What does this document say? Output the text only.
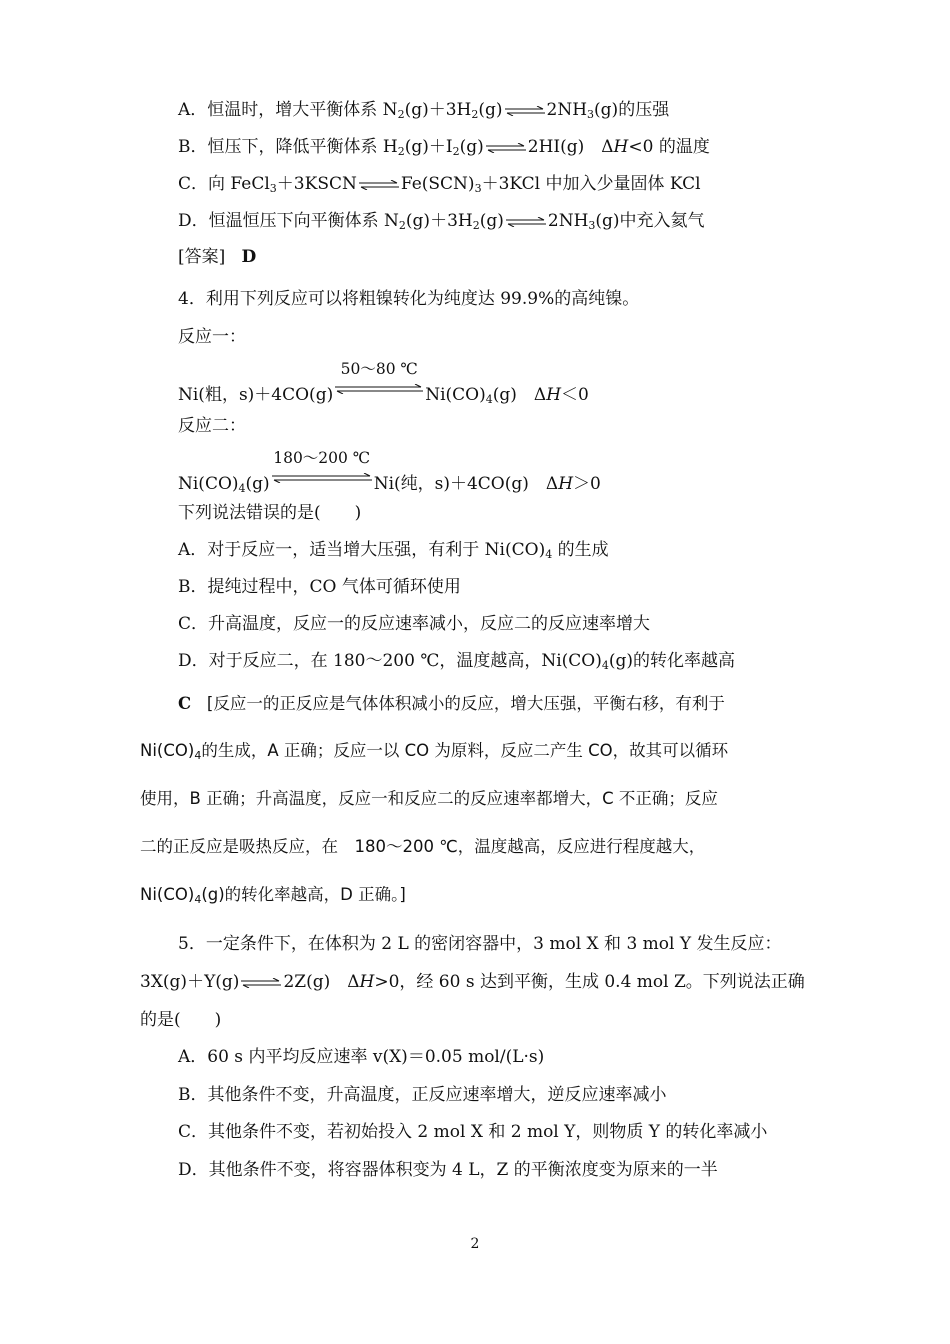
A．恒温时，增大平衡体系 $N_2(g)+3H_2(g)$ ⇌ $2NH_3(g)$的压强
B．恒压下，降低平衡体系 $H_2(g)+I_2(g)$ ⇌ 2HI(g)　ΔH<0 的温度
C．向 FeCl$_3$＋3KSCN ⇌ $Fe(SCN)_3+3KCl$ 中加入少量固体 KCl
D．恒温恒压下向平衡体系 $N_2(g)+3H_2(g)$ ⇌ $2NH_3(g)$中充入氦气
[答案] D
4．利用下列反应可以将粗镍转化为纯度达 99.9%的高纯镍。
反应一：
Ni(粗，s)＋4CO(g)
50～80 ℃
$Ni(CO)_4(g)$　ΔH＜0
反应二：
$Ni(CO)_4(g)$
180～200 ℃
Ni(纯，s)＋4CO(g)　ΔH＞0
下列说法错误的是(　　)
A．对于反应一，适当增大压强，有利于 $Ni(CO)_4$ 的生成
B．提纯过程中，CO 气体可循环使用
C．升高温度，反应一的反应速率减小，反应二的反应速率增大
D．对于反应二，在 180～200 ℃，温度越高，$Ni(CO)_4(g)$的转化率越高
C [反应一的正反应是气体体积减小的反应，增大压强，平衡右移，有利于
$Ni(CO)_4$的生成，A 正确；反应一以 CO 为原料，反应二产生 CO，故其可以循环
使用，B 正确；升高温度，反应一和反应二的反应速率都增大，C 不正确；反应
二的正反应是吸热反应，在　180～200 ℃，温度越高，反应进行程度越大，
$Ni(CO)_4(g)$的转化率越高，D 正确。]
5．一定条件下，在体积为 2 L 的密闭容器中，3 mol X 和 3 mol Y 发生反应：
3X(g)＋Y(g) ⇌ 2Z(g)　ΔH>0，经 60 s 达到平衡，生成 0.4 mol Z。下列说法正确
的是(　　)
A．60 s 内平均反应速率 v(X)＝0.05 mol/(L·s)
B．其他条件不变，升高温度，正反应速率增大，逆反应速率减小
C．其他条件不变，若初始投入 2 mol X 和 2 mol Y，则物质 Y 的转化率减小
D．其他条件不变，将容器体积变为 4 L，Z 的平衡浓度变为原来的一半
2
